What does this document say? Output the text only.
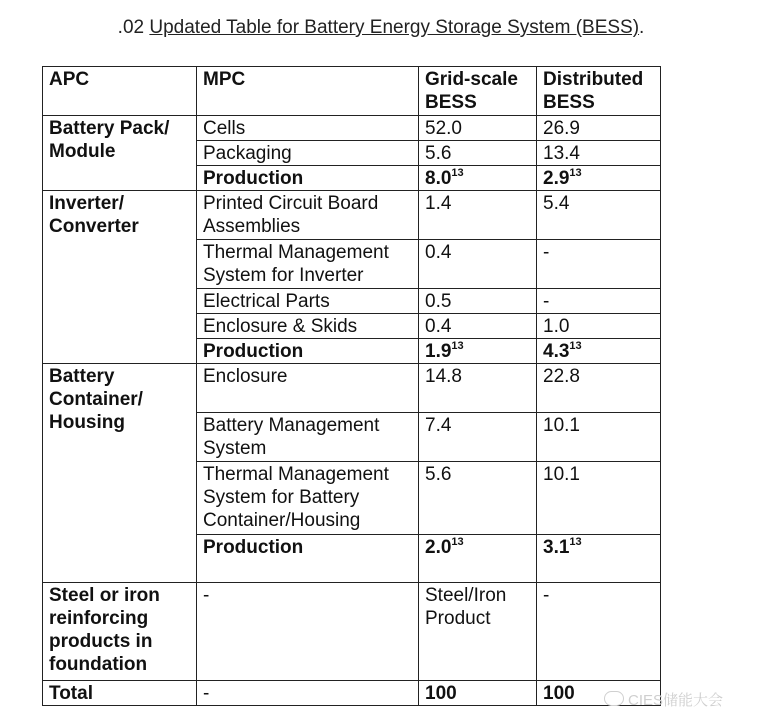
.02 Updated Table for Battery Energy Storage System (BESS).
APC	MPC	Grid-scale BESS	Distributed BESS
Battery Pack/ Module	Cells	52.0	26.9
	Packaging	5.6	13.4
	Production	$8.0^{13}$	$2.9^{13}$
Inverter/ Converter	Printed Circuit Board Assemblies	1.4	5.4
	Thermal Management System for Inverter	0.4	-
	Electrical Parts	0.5	-
	Enclosure & Skids	0.4	1.0
	Production	$1.9^{13}$	$4.3^{13}$
Battery Container/ Housing	Enclosure	14.8	22.8
	Battery Management System	7.4	10.1
	Thermal Management System for Battery Container/Housing	5.6	10.1
	Production	$2.0^{13}$	$3.1^{13}$
Steel or iron reinforcing products in foundation	-	Steel/Iron Product	-
Total	-	100	100	CIES储能大会
